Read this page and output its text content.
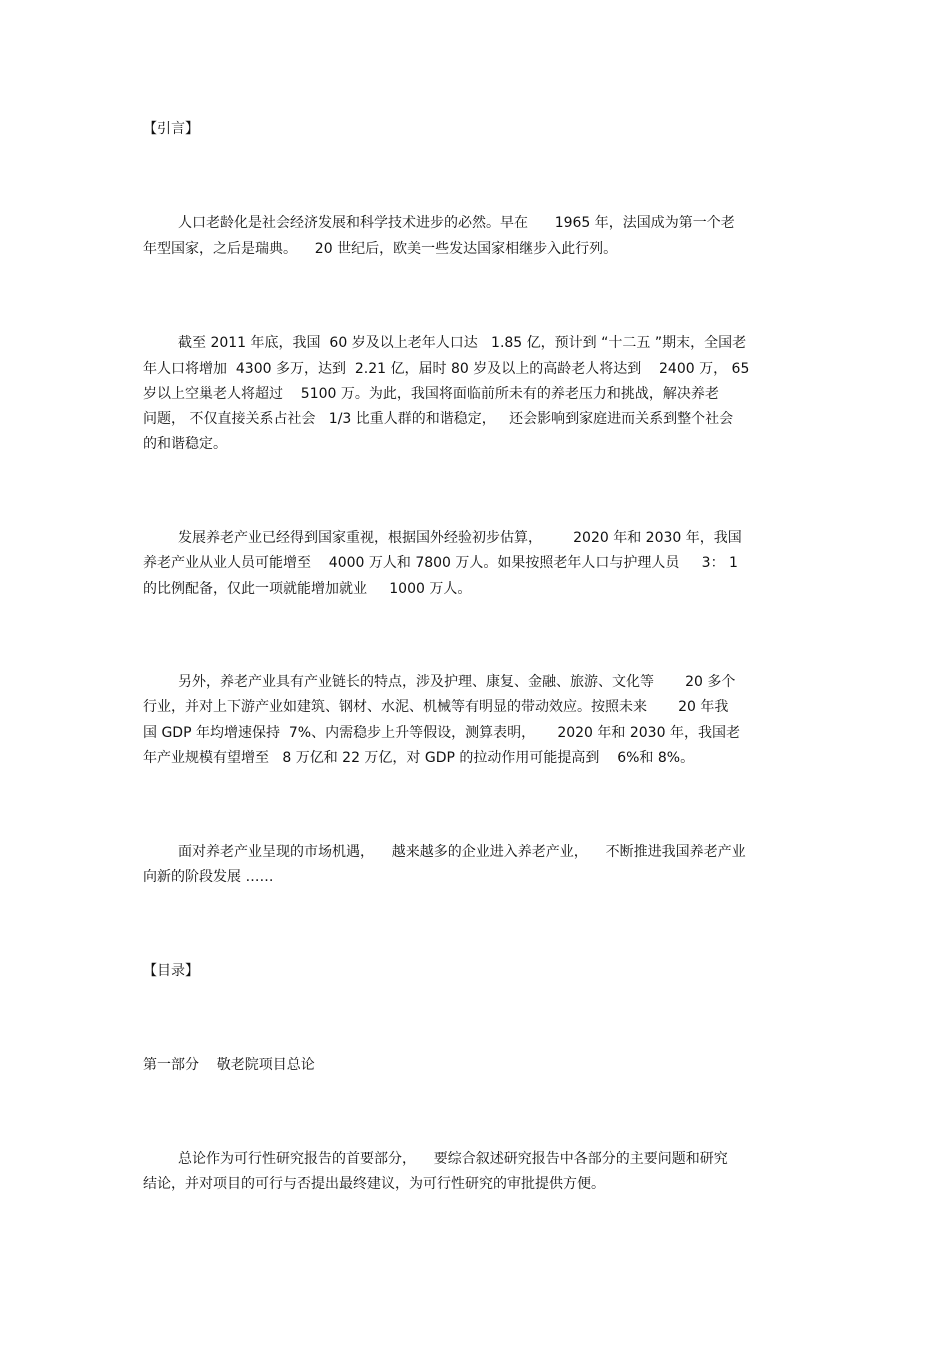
【引言】
人口老龄化是社会经济发展和科学技术进步的必然。早在      1965 年，法国成为第一个老
年型国家，之后是瑞典。    20 世纪后，欧美一些发达国家相继步入此行列。
截至 2011 年底，我国  60 岁及以上老年人口达   1.85 亿，预计到 “十二五 ”期末，全国老
年人口将增加  4300 多万，达到  2.21 亿，届时 80 岁及以上的高龄老人将达到    2400 万， 65
岁以上空巢老人将超过    5100 万。为此，我国将面临前所未有的养老压力和挑战，解决养老
问题， 不仅直接关系占社会   1/3 比重人群的和谐稳定，   还会影响到家庭进而关系到整个社会
的和谐稳定。
发展养老产业已经得到国家重视，根据国外经验初步估算，       2020 年和 2030 年，我国
养老产业从业人员可能增至    4000 万人和 7800 万人。如果按照老年人口与护理人员     3： 1
的比例配备，仅此一项就能增加就业     1000 万人。
另外，养老产业具有产业链长的特点，涉及护理、康复、金融、旅游、文化等       20 多个
行业，并对上下游产业如建筑、钢材、水泥、机械等有明显的带动效应。按照未来       20 年我
国 GDP 年均增速保持  7%、内需稳步上升等假设，测算表明，     2020 年和 2030 年，我国老
年产业规模有望增至   8 万亿和 22 万亿，对 GDP 的拉动作用可能提高到    6%和 8%。
面对养老产业呈现的市场机遇，    越来越多的企业进入养老产业，    不断推进我国养老产业
向新的阶段发展 ……
【目录】
第一部分    敬老院项目总论
总论作为可行性研究报告的首要部分，    要综合叙述研究报告中各部分的主要问题和研究
结论，并对项目的可行与否提出最终建议，为可行性研究的审批提供方便。
